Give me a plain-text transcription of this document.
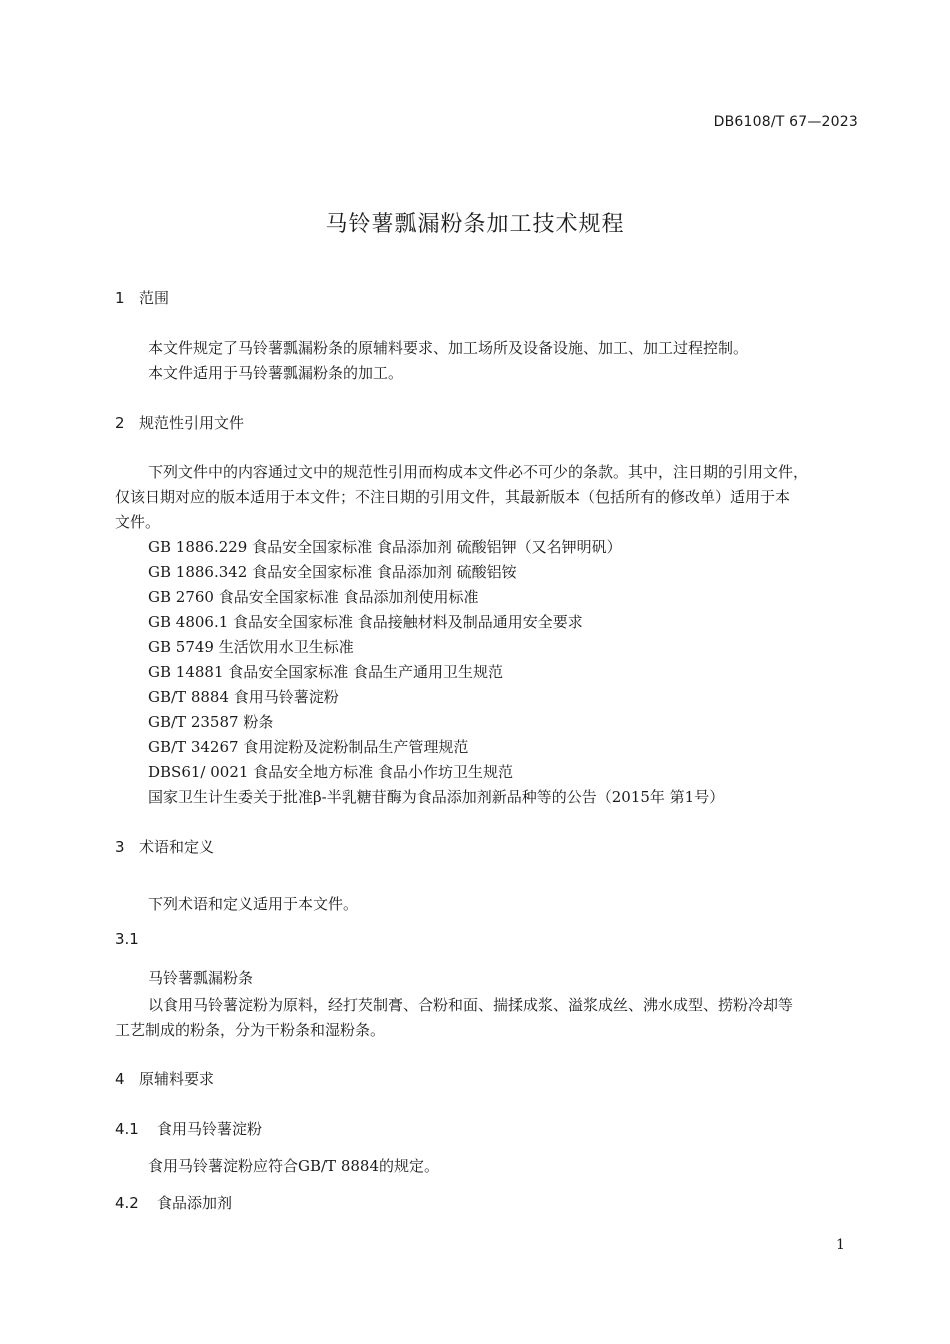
DB6108/T 67—2023
马铃薯瓢漏粉条加工技术规程
1 范围
本文件规定了马铃薯瓢漏粉条的原辅料要求、加工场所及设备设施、加工、加工过程控制。
本文件适用于马铃薯瓢漏粉条的加工。
2 规范性引用文件
下列文件中的内容通过文中的规范性引用而构成本文件必不可少的条款。其中，注日期的引用文件，
仅该日期对应的版本适用于本文件；不注日期的引用文件，其最新版本（包括所有的修改单）适用于本
文件。
GB 1886.229 食品安全国家标准 食品添加剂 硫酸铝钾（又名钾明矾）
GB 1886.342 食品安全国家标准 食品添加剂 硫酸铝铵
GB 2760 食品安全国家标准 食品添加剂使用标准
GB 4806.1 食品安全国家标准 食品接触材料及制品通用安全要求
GB 5749 生活饮用水卫生标准
GB 14881 食品安全国家标准 食品生产通用卫生规范
GB/T 8884 食用马铃薯淀粉
GB/T 23587 粉条
GB/T 34267 食用淀粉及淀粉制品生产管理规范
DBS61/ 0021 食品安全地方标准 食品小作坊卫生规范
国家卫生计生委关于批准β-半乳糖苷酶为食品添加剂新品种等的公告（2015年 第1号）
3 术语和定义
下列术语和定义适用于本文件。
3.1
马铃薯瓢漏粉条
以食用马铃薯淀粉为原料，经打芡制膏、合粉和面、揣揉成浆、溢浆成丝、沸水成型、捞粉冷却等
工艺制成的粉条，分为干粉条和湿粉条。
4 原辅料要求
4.1 食用马铃薯淀粉
食用马铃薯淀粉应符合GB/T 8884的规定。
4.2 食品添加剂
1
